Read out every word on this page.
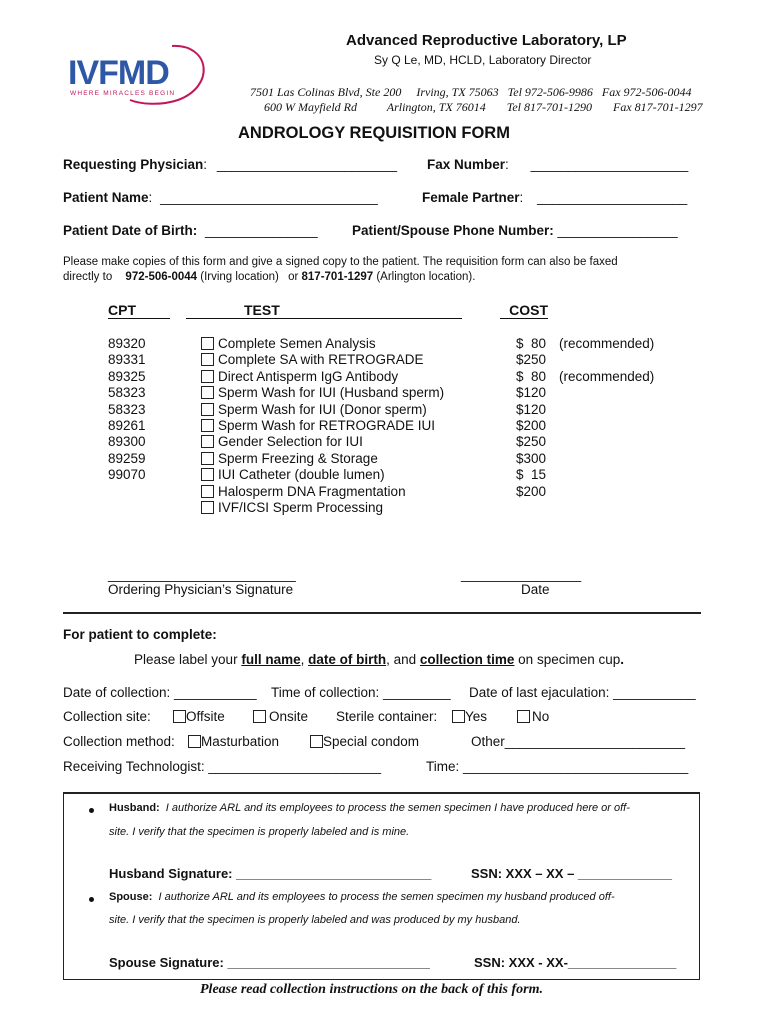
IVFMD
WHERE MIRACLES BEGIN
Advanced Reproductive Laboratory, LP
Sy Q Le, MD, HCLD, Laboratory Director
7501 Las Colinas Blvd, Ste 200     Irving, TX 75063   Tel 972-506-9986   Fax 972-506-0044
600 W Mayfield Rd          Arlington, TX 76014       Tel 817-701-1290       Fax 817-701-1297
ANDROLOGY REQUISITION FORM
Requesting Physician: ________________________ Fax Number: _____________________
Patient Name: _____________________________	Female Partner: ____________________
Patient Date of Birth: _______________	Patient/Spouse Phone Number: ________________
Please make copies of this form and give a signed copy to the patient. The requisition form can also be faxed
directly to 972-506-0044 (Irving location) or 817-701-1297 (Arlington location).
CPT	TEST	COST
89320	Complete Semen Analysis	$  80 (recommended)
89331	Complete SA with RETROGRADE	$250
89325	Direct Antisperm IgG Antibody	$  80 (recommended)
58323	Sperm Wash for IUI (Husband sperm)	$120
58323	Sperm Wash for IUI (Donor sperm)	$120
89261	Sperm Wash for RETROGRADE IUI	$200
89300	Gender Selection for IUI	$250
89259	Sperm Freezing & Storage	$300
99070	IUI Catheter (double lumen)	$  15
Halosperm DNA Fragmentation	$200
IVF/ICSI Sperm Processing
_________________________
Ordering Physician’s Signature
________________
Date
For patient to complete:
Please label your full name, date of birth, and collection time on specimen cup.
Date of collection: ___________ Time of collection: _________ Date of last ejaculation: ___________
Collection site:	Offsite	Onsite Sterile container:	Yes	No
Collection method:	Masturbation	Special condom	Other________________________
Receiving Technologist: _______________________	Time: ______________________________
Husband: I authorize ARL and its employees to process the semen specimen I have produced here or off-
site. I verify that the specimen is properly labeled and is mine.
Husband Signature: ___________________________	SSN: XXX – XX – _____________
Spouse: I authorize ARL and its employees to process the semen specimen my husband produced off-
site. I verify that the specimen is properly labeled and was produced by my husband.
Spouse Signature: ____________________________	SSN: XXX - XX-_______________
Please read collection instructions on the back of this form.
